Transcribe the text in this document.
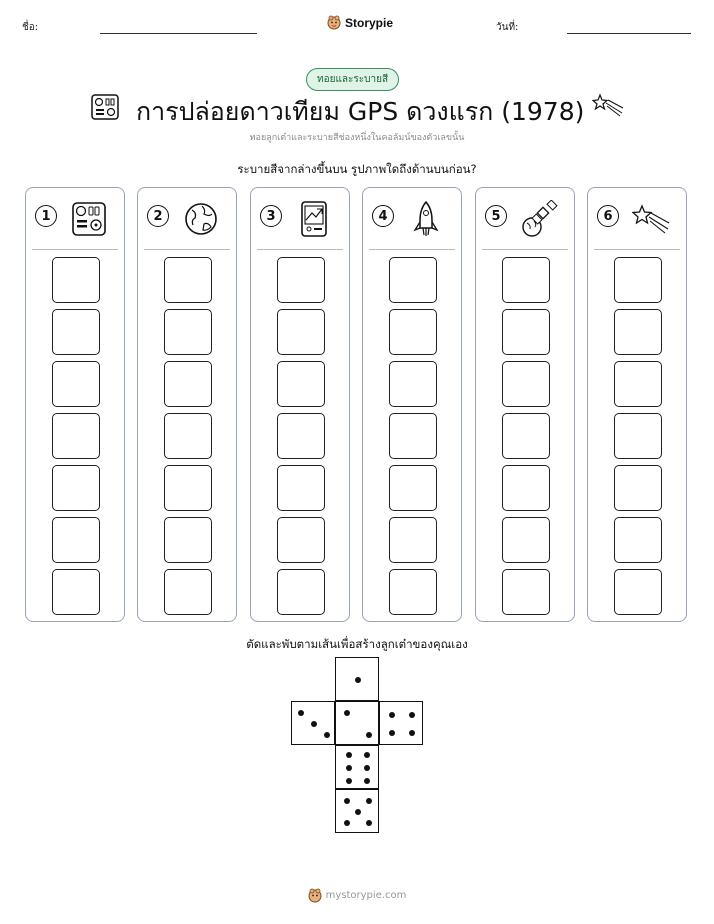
ชื่อ:	Storypie	วันที่:
ทอยและระบายสี
การปล่อยดาวเทียม GPS ดวงแรก (1978)
ทอยลูกเต๋าและระบายสีช่องหนึ่งในคอลัมน์ของตัวเลขนั้น
ระบายสีจากล่างขึ้นบน รูปภาพใดถึงด้านบนก่อน?
1	2	3	4	5	6
ตัดและพับตามเส้นเพื่อสร้างลูกเต๋าของคุณเอง
mystorypie.com
